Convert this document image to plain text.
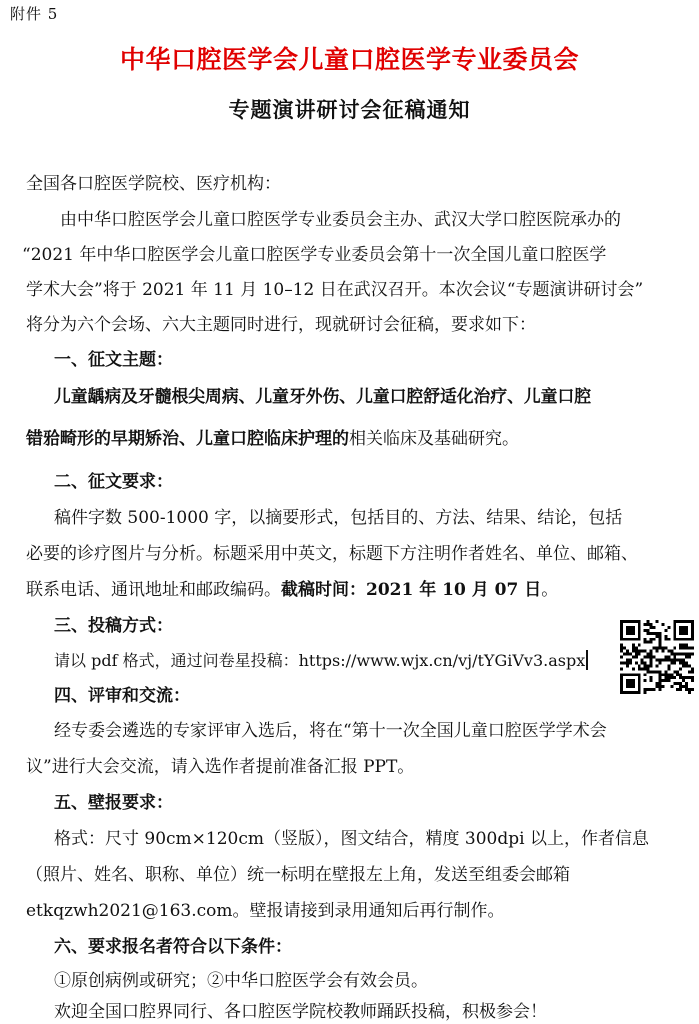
附件 5
中华口腔医学会儿童口腔医学专业委员会
专题演讲研讨会征稿通知
全国各口腔医学院校、医疗机构：
由中华口腔医学会儿童口腔医学专业委员会主办、武汉大学口腔医院承办的
“2021 年中华口腔医学会儿童口腔医学专业委员会第十一次全国儿童口腔医学
学术大会”将于 2021 年 11 月 10–12 日在武汉召开。本次会议“专题演讲研讨会”
将分为六个会场、六大主题同时进行，现就研讨会征稿，要求如下：
一、征文主题：
儿童龋病及牙髓根尖周病、儿童牙外伤、儿童口腔舒适化治疗、儿童口腔
错𬌗畸形的早期矫治、儿童口腔临床护理的相关临床及基础研究。
二、征文要求：
稿件字数 500-1000 字，以摘要形式，包括目的、方法、结果、结论，包括
必要的诊疗图片与分析。标题采用中英文，标题下方注明作者姓名、单位、邮箱、
联系电话、通讯地址和邮政编码。截稿时间：2021 年 10 月 07 日。
三、投稿方式：
请以 pdf 格式，通过问卷星投稿：https://www.wjx.cn/vj/tYGiVv3.aspx
四、评审和交流：
经专委会遴选的专家评审入选后，将在“第十一次全国儿童口腔医学学术会
议”进行大会交流，请入选作者提前准备汇报 PPT。
五、壁报要求：
格式：尺寸 90cm×120cm（竖版），图文结合，精度 300dpi 以上，作者信息
（照片、姓名、职称、单位）统一标明在壁报左上角，发送至组委会邮箱
etkqzwh2021@163.com。壁报请接到录用通知后再行制作。
六、要求报名者符合以下条件：
①原创病例或研究；②中华口腔医学会有效会员。
欢迎全国口腔界同行、各口腔医学院校教师踊跃投稿，积极参会！
